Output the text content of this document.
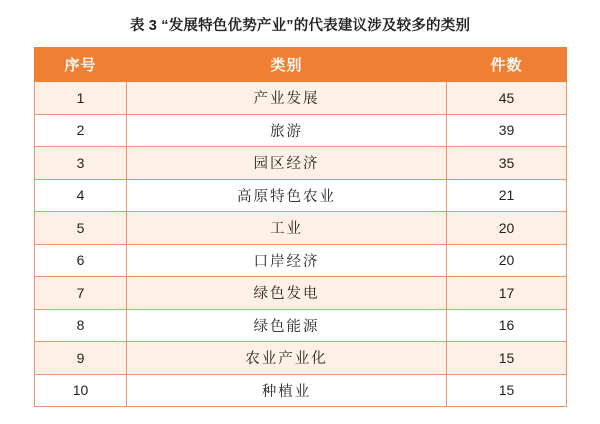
表 3 “发展特色优势产业”的代表建议涉及较多的类别
序号	类别	件数
1	产业发展	45
2	旅游	39
3	园区经济	35
4	高原特色农业	21
5	工业	20
6	口岸经济	20
7	绿色发电	17
8	绿色能源	16
9	农业产业化	15
10	种植业	15
